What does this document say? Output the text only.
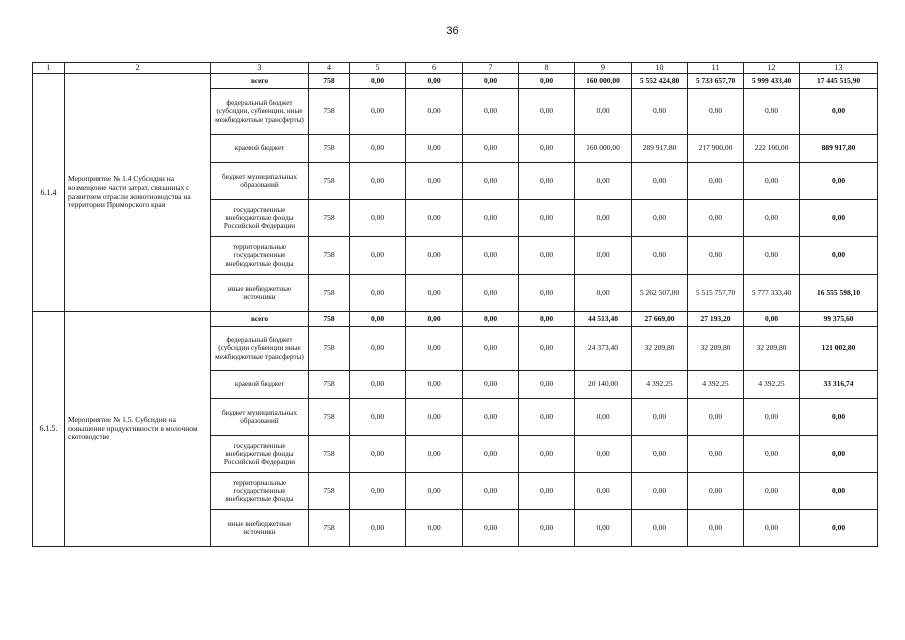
36
1	2	3	4	5	6	7	8	9	10	11	12	13
6.1.4	Мероприятие № 1.4 Субсидии на возмещение части затрат, связанных с развитием отрасли животноводства на территории Приморского края	всего	758	0,00	0,00	0,00	0,00	160 000,00	5 552 424,80	5 733 657,70	5 999 433,40	17 445 515,90
		федеральный бюджет (субсидии, субвенции, иные межбюджетные трансферты)	758	0,00	0,00	0,00	0,00	0,00	0,00	0,00	0,00	0,00
		краевой бюджет	758	0,00	0,00	0,00	0,00	160 000,00	289 917,80	217 900,00	222 100,00	889 917,80
		бюджет муниципальных образований	758	0,00	0,00	0,00	0,00	0,00	0,00	0,00	0,00	0,00
		государственные внебюджетные фонды Российской Федерации	758	0,00	0,00	0,00	0,00	0,00	0,00	0,00	0,00	0,00
		территориальные государственные внебюджетные фонды	758	0,00	0,00	0,00	0,00	0,00	0,00	0,00	0,00	0,00
		иные внебюджетные источники	758	0,00	0,00	0,00	0,00	0,00	5 262 507,00	5 515 757,70	5 777 333,40	16 555 598,10
6.1.5.	Мероприятие № 1.5. Субсидии на повышение продуктивности в молочном скотоводстве	всего	758	0,00	0,00	0,00	0,00	44 513,40	27 669,00	27 193,20	0,00	99 375,60
		федеральный бюджет (субсидии субвенции иные межбюджетные трансферты)	758	0,00	0,00	0,00	0,00	24 373,40	32 209,80	32 209,80	32 209,80	121 002,80
		краевой бюджет	758	0,00	0,00	0,00	0,00	20 140,00	4 392,25	4 392,25	4 392,25	33 316,74
		бюджет муниципальных образований	758	0,00	0,00	0,00	0,00	0,00	0,00	0,00	0,00	0,00
		государственные внебюджетные фонды Российской Федерации	758	0,00	0,00	0,00	0,00	0,00	0,00	0,00	0,00	0,00
		территориальные государственные внебюджетные фонды	758	0,00	0,00	0,00	0,00	0,00	0,00	0,00	0,00	0,00
		иные внебюджетные источники	758	0,00	0,00	0,00	0,00	0,00	0,00	0,00	0,00	0,00
